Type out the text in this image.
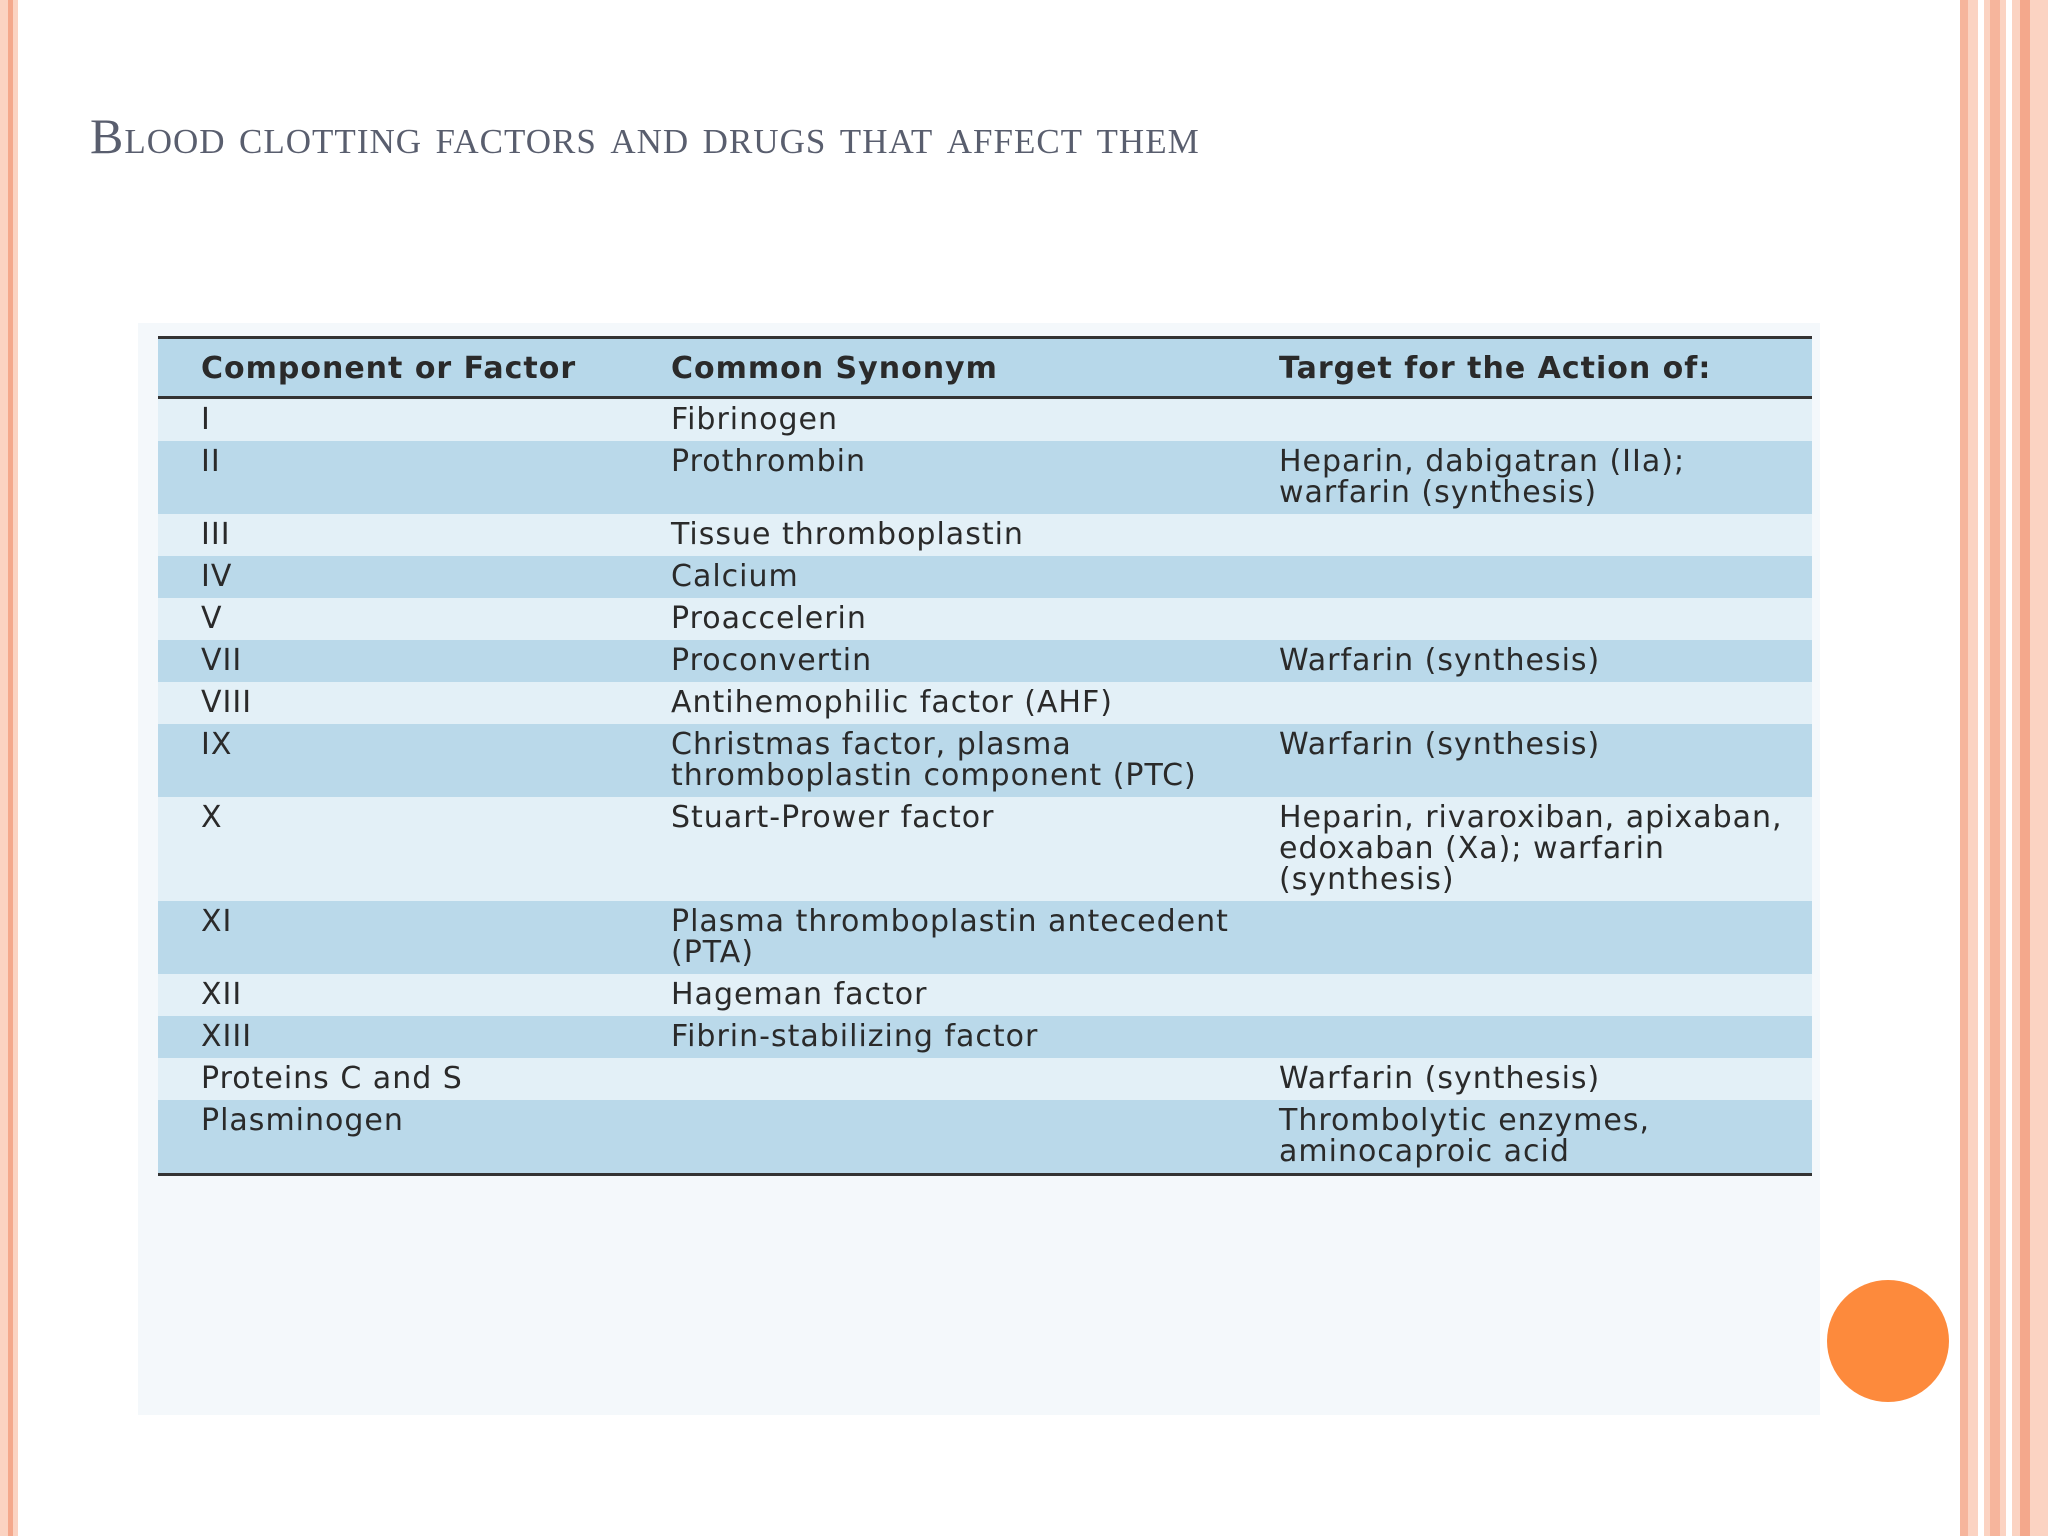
Blood clotting factors and drugs that affect them
Component or Factor	Common Synonym	Target for the Action of:
I	Fibrinogen	
II	Prothrombin	Heparin, dabigatran (IIa); warfarin (synthesis)
III	Tissue thromboplastin	
IV	Calcium	
V	Proaccelerin	
VII	Proconvertin	Warfarin (synthesis)
VIII	Antihemophilic factor (AHF)	
IX	Christmas factor, plasma thromboplastin component (PTC)	Warfarin (synthesis)
X	Stuart-Prower factor	Heparin, rivaroxiban, apixaban, edoxaban (Xa); warfarin (synthesis)
XI	Plasma thromboplastin antecedent (PTA)	
XII	Hageman factor	
XIII	Fibrin-stabilizing factor	
Proteins C and S		Warfarin (synthesis)
Plasminogen		Thrombolytic enzymes, aminocaproic acid
